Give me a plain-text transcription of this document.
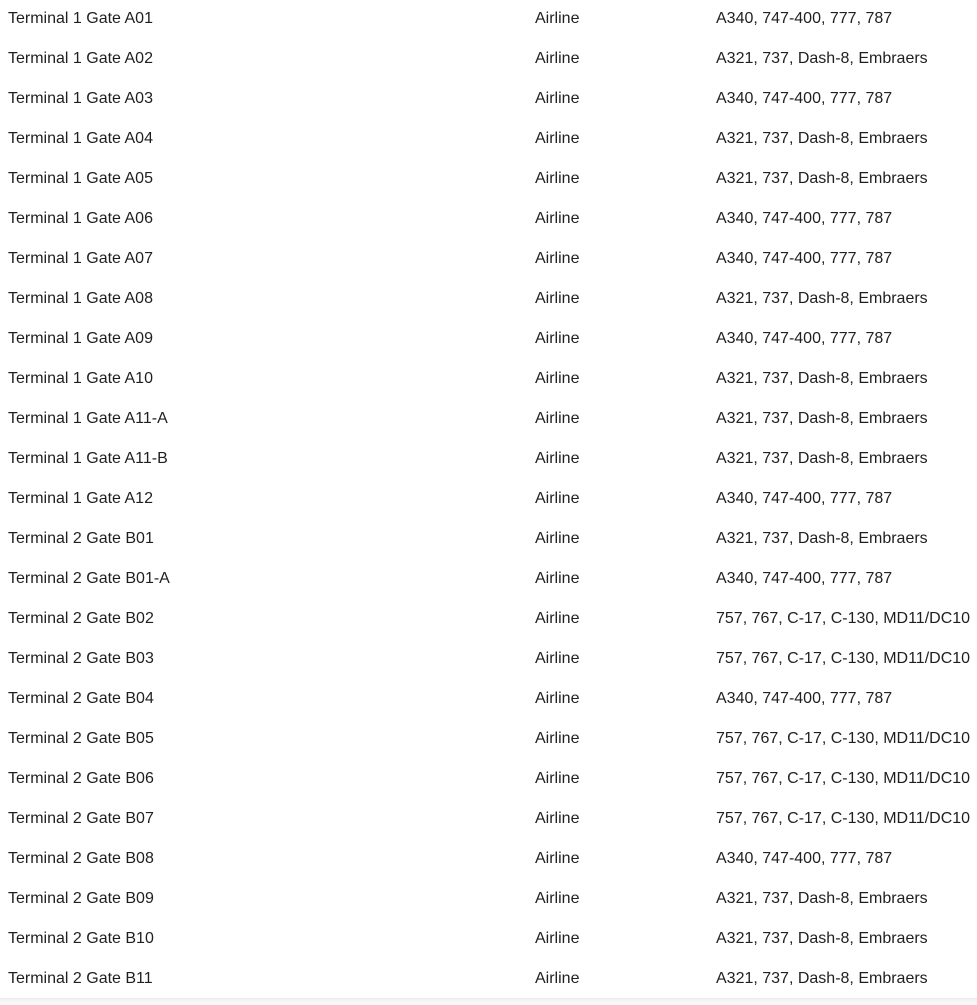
Terminal 1 Gate A01	Airline	A340, 747-400, 777, 787
Terminal 1 Gate A02	Airline	A321, 737, Dash-8, Embraers
Terminal 1 Gate A03	Airline	A340, 747-400, 777, 787
Terminal 1 Gate A04	Airline	A321, 737, Dash-8, Embraers
Terminal 1 Gate A05	Airline	A321, 737, Dash-8, Embraers
Terminal 1 Gate A06	Airline	A340, 747-400, 777, 787
Terminal 1 Gate A07	Airline	A340, 747-400, 777, 787
Terminal 1 Gate A08	Airline	A321, 737, Dash-8, Embraers
Terminal 1 Gate A09	Airline	A340, 747-400, 777, 787
Terminal 1 Gate A10	Airline	A321, 737, Dash-8, Embraers
Terminal 1 Gate A11-A	Airline	A321, 737, Dash-8, Embraers
Terminal 1 Gate A11-B	Airline	A321, 737, Dash-8, Embraers
Terminal 1 Gate A12	Airline	A340, 747-400, 777, 787
Terminal 2 Gate B01	Airline	A321, 737, Dash-8, Embraers
Terminal 2 Gate B01-A	Airline	A340, 747-400, 777, 787
Terminal 2 Gate B02	Airline	757, 767, C-17, C-130, MD11/DC10
Terminal 2 Gate B03	Airline	757, 767, C-17, C-130, MD11/DC10
Terminal 2 Gate B04	Airline	A340, 747-400, 777, 787
Terminal 2 Gate B05	Airline	757, 767, C-17, C-130, MD11/DC10
Terminal 2 Gate B06	Airline	757, 767, C-17, C-130, MD11/DC10
Terminal 2 Gate B07	Airline	757, 767, C-17, C-130, MD11/DC10
Terminal 2 Gate B08	Airline	A340, 747-400, 777, 787
Terminal 2 Gate B09	Airline	A321, 737, Dash-8, Embraers
Terminal 2 Gate B10	Airline	A321, 737, Dash-8, Embraers
Terminal 2 Gate B11	Airline	A321, 737, Dash-8, Embraers
